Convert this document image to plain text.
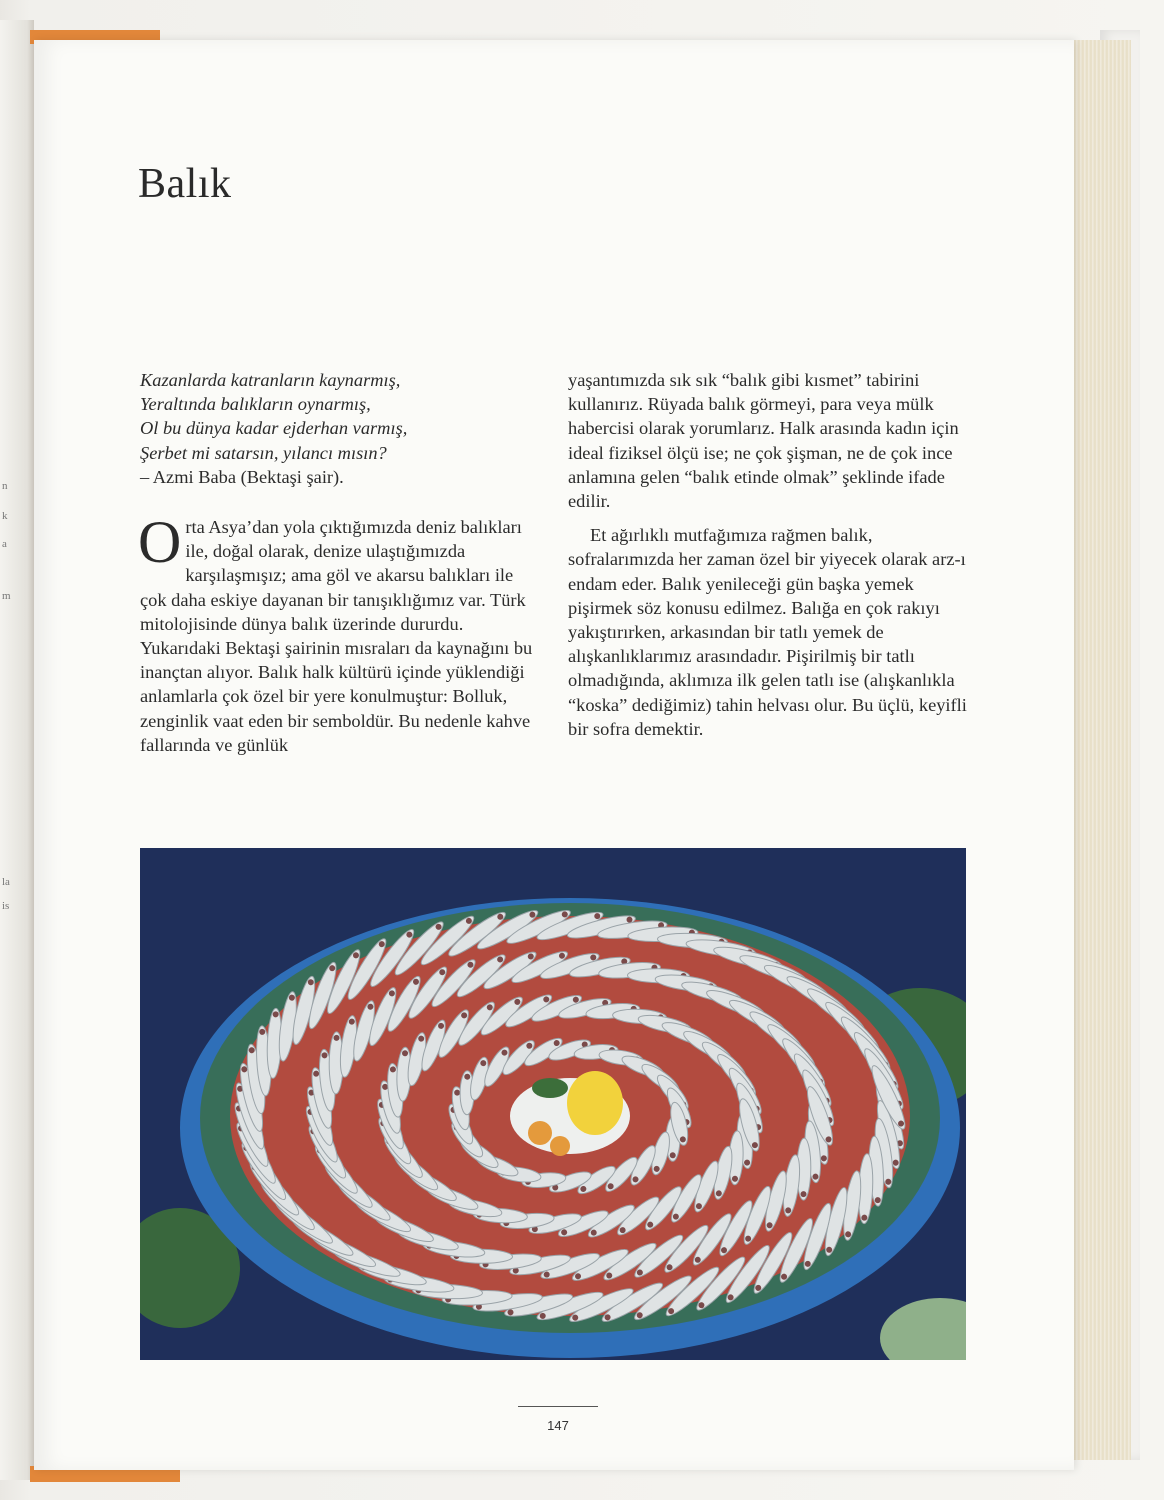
n
k
a
m
la
is
Balık
Kazanlarda katranların kaynarmış,
Yeraltında balıkların oynarmış,
Ol bu dünya kadar ejderhan varmış,
Şerbet mi satarsın, yılancı mısın?
– Azmi Baba (Bektaşi şair).

Orta Asya’dan yola çıktığımızda deniz balıkları ile, doğal olarak, denize ulaştığımızda karşılaşmışız; ama göl ve akarsu balıkları ile çok daha eskiye dayanan bir tanışıklığımız var. Türk mitolojisinde dünya balık üzerinde dururdu. Yukarıdaki Bektaşi şairinin mısraları da kaynağını bu inançtan alıyor. Balık halk kültürü içinde yüklendiği anlamlarla çok özel bir yere konulmuştur: Bolluk, zenginlik vaat eden bir semboldür. Bu nedenle kahve fallarında ve günlük

yaşantımızda sık sık “balık gibi kısmet” tabirini kullanırız. Rüyada balık görmeyi, para veya mülk habercisi olarak yorumlarız. Halk arasında kadın için ideal fiziksel ölçü ise; ne çok şişman, ne de çok ince anlamına gelen “balık etinde olmak” şeklinde ifade edilir.

Et ağırlıklı mutfağımıza rağmen balık, sofralarımızda her zaman özel bir yiyecek olarak arz-ı endam eder. Balık yenileceği gün başka yemek pişirmek söz konusu edilmez. Balığa en çok rakıyı yakıştırırken, arkasından bir tatlı yemek de alışkanlıklarımız arasındadır. Pişirilmiş bir tatlı olmadığında, aklımıza ilk gelen tatlı ise (alışkanlıkla “koska” dediğimiz) tahin helvası olur. Bu üçlü, keyifli bir sofra demektir.

147
